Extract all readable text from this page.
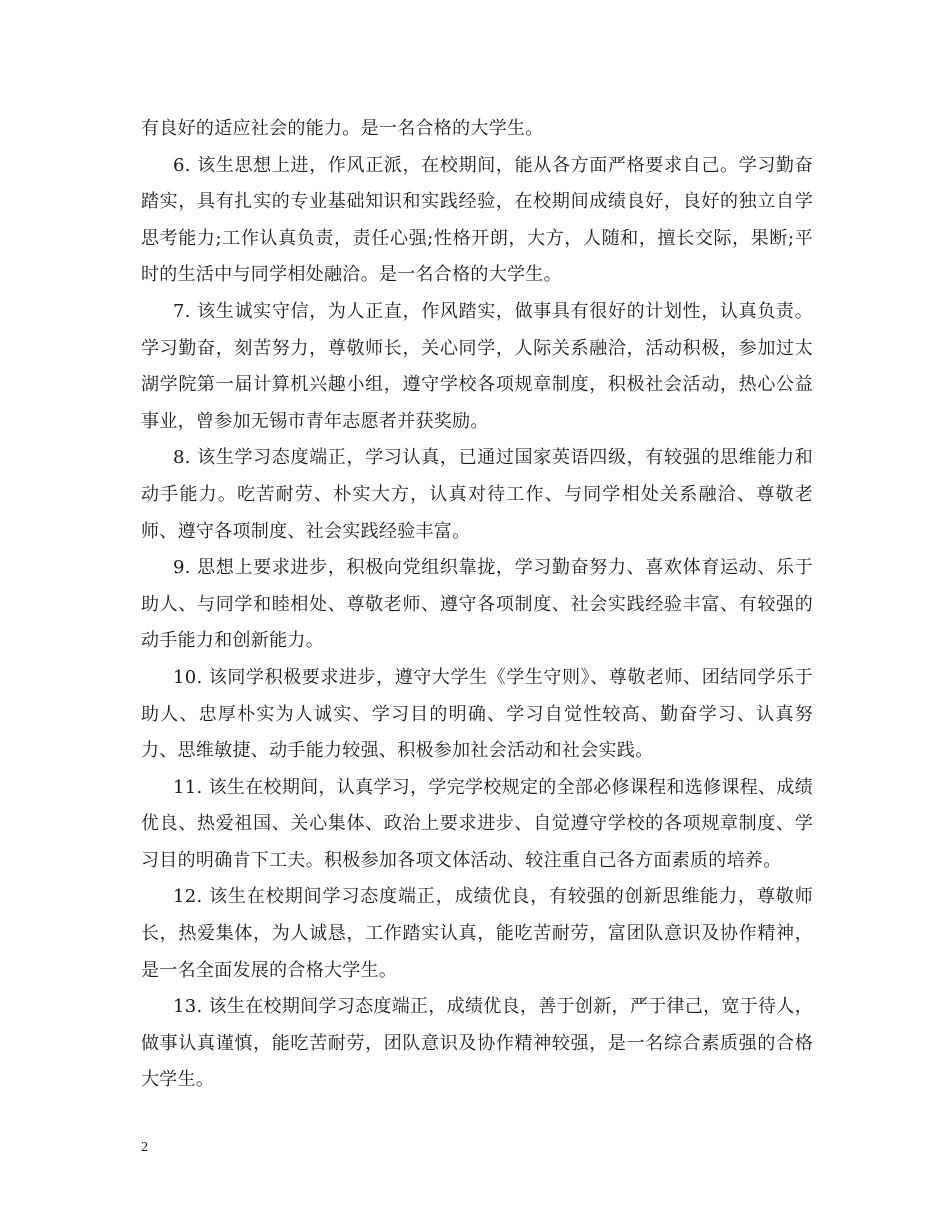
有良好的适应社会的能力。是一名合格的大学生。

6. 该生思想上进，作风正派，在校期间，能从各方面严格要求自己。学习勤奋踏实，具有扎实的专业基础知识和实践经验，在校期间成绩良好，良好的独立自学思考能力;工作认真负责，责任心强;性格开朗，大方，人随和，擅长交际，果断;平时的生活中与同学相处融洽。是一名合格的大学生。

7. 该生诚实守信，为人正直，作风踏实，做事具有很好的计划性，认真负责。学习勤奋，刻苦努力，尊敬师长，关心同学，人际关系融洽，活动积极，参加过太湖学院第一届计算机兴趣小组，遵守学校各项规章制度，积极社会活动，热心公益事业，曾参加无锡市青年志愿者并获奖励。

8. 该生学习态度端正，学习认真，已通过国家英语四级，有较强的思维能力和动手能力。吃苦耐劳、朴实大方，认真对待工作、与同学相处关系融洽、尊敬老师、遵守各项制度、社会实践经验丰富。

9. 思想上要求进步，积极向党组织靠拢，学习勤奋努力、喜欢体育运动、乐于助人、与同学和睦相处、尊敬老师、遵守各项制度、社会实践经验丰富、有较强的动手能力和创新能力。

10. 该同学积极要求进步，遵守大学生《学生守则》、尊敬老师、团结同学乐于助人、忠厚朴实为人诚实、学习目的明确、学习自觉性较高、勤奋学习、认真努力、思维敏捷、动手能力较强、积极参加社会活动和社会实践。

11. 该生在校期间，认真学习，学完学校规定的全部必修课程和选修课程、成绩优良、热爱祖国、关心集体、政治上要求进步、自觉遵守学校的各项规章制度、学习目的明确肯下工夫。积极参加各项文体活动、较注重自己各方面素质的培养。

12. 该生在校期间学习态度端正，成绩优良，有较强的创新思维能力，尊敬师长，热爱集体，为人诚恳，工作踏实认真，能吃苦耐劳，富团队意识及协作精神，是一名全面发展的合格大学生。

13. 该生在校期间学习态度端正，成绩优良，善于创新，严于律己，宽于待人，做事认真谨慎，能吃苦耐劳，团队意识及协作精神较强，是一名综合素质强的合格大学生。

2
